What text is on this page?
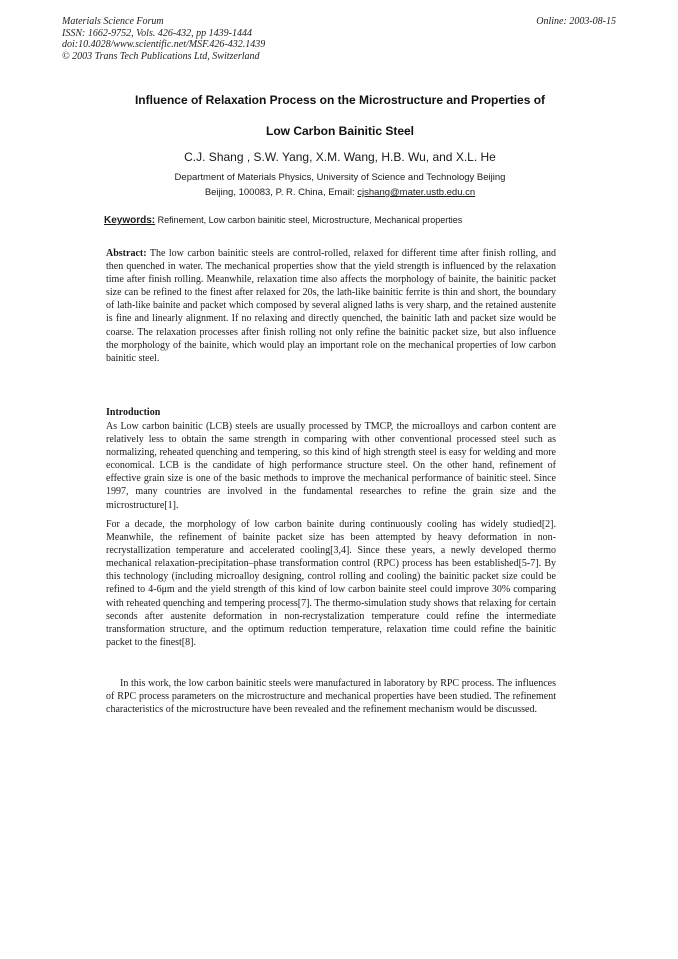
Materials Science Forum
ISSN: 1662-9752, Vols. 426-432, pp 1439-1444
doi:10.4028/www.scientific.net/MSF.426-432.1439
© 2003 Trans Tech Publications Ltd, Switzerland
Online: 2003-08-15
Influence of Relaxation Process on the Microstructure and Properties of
Low Carbon Bainitic Steel
C.J. Shang , S.W. Yang, X.M. Wang, H.B. Wu, and X.L. He
Department of Materials Physics, University of Science and Technology Beijing
Beijing, 100083, P. R. China, Email: cjshang@mater.ustb.edu.cn
Keywords: Refinement, Low carbon bainitic steel, Microstructure, Mechanical properties

Abstract: The low carbon bainitic steels are control-rolled, relaxed for different time after finish rolling, and then quenched in water. The mechanical properties show that the yield strength is influenced by the relaxation time after finish rolling. Meanwhile, relaxation time also affects the morphology of bainite, the bainitic packet size can be refined to the finest after relaxed for 20s, the lath-like bainitic ferrite is thin and short, the boundary of lath-like bainite and packet which composed by several aligned laths is very sharp, and the retained austenite is fine and linearly alignment. If no relaxing and directly quenched, the bainitic lath and packet size would be coarse. The relaxation processes after finish rolling not only refine the bainitic packet size, but also influence the morphology of the bainite, which would play an important role on the mechanical properties of low carbon bainitic steel.

Introduction

As Low carbon bainitic (LCB) steels are usually processed by TMCP, the microalloys and carbon content are relatively less to obtain the same strength in comparing with other conventional processed steel such as normalizing, reheated quenching and tempering, so this kind of high strength steel is easy for welding and more economical. LCB is the candidate of high performance structure steel. On the other hand, refinement of effective grain size is one of the basic methods to improve the mechanical performance of bainitic steel. Since 1997, many countries are involved in the fundamental researches to refine the grain size and the microstructure[1].

For a decade, the morphology of low carbon bainite during continuously cooling has widely studied[2]. Meanwhile, the refinement of bainite packet size has been attempted by heavy deformation in non-recrystallization temperature and accelerated cooling[3,4]. Since these years, a newly developed thermo mechanical relaxation-precipitation–phase transformation control (RPC) process has been established[5-7]. By this technology (including microalloy designing, control rolling and cooling) the bainitic packet size could be refined to 4-6μm and the yield strength of this kind of low carbon bainite steel could improve 30% comparing with reheated quenching and tempering process[7]. The thermo-simulation study shows that relaxing for certain seconds after austenite deformation in non-recrystalization temperature could refine the intermediate transformation structure, and the optimum reduction temperature, relaxation time could refine the bainitic packet to the finest[8].

In this work, the low carbon bainitic steels were manufactured in laboratory by RPC process. The influences of RPC process parameters on the microstructure and mechanical properties have been studied. The refinement characteristics of the microstructure have been revealed and the refinement mechanism would be discussed.
